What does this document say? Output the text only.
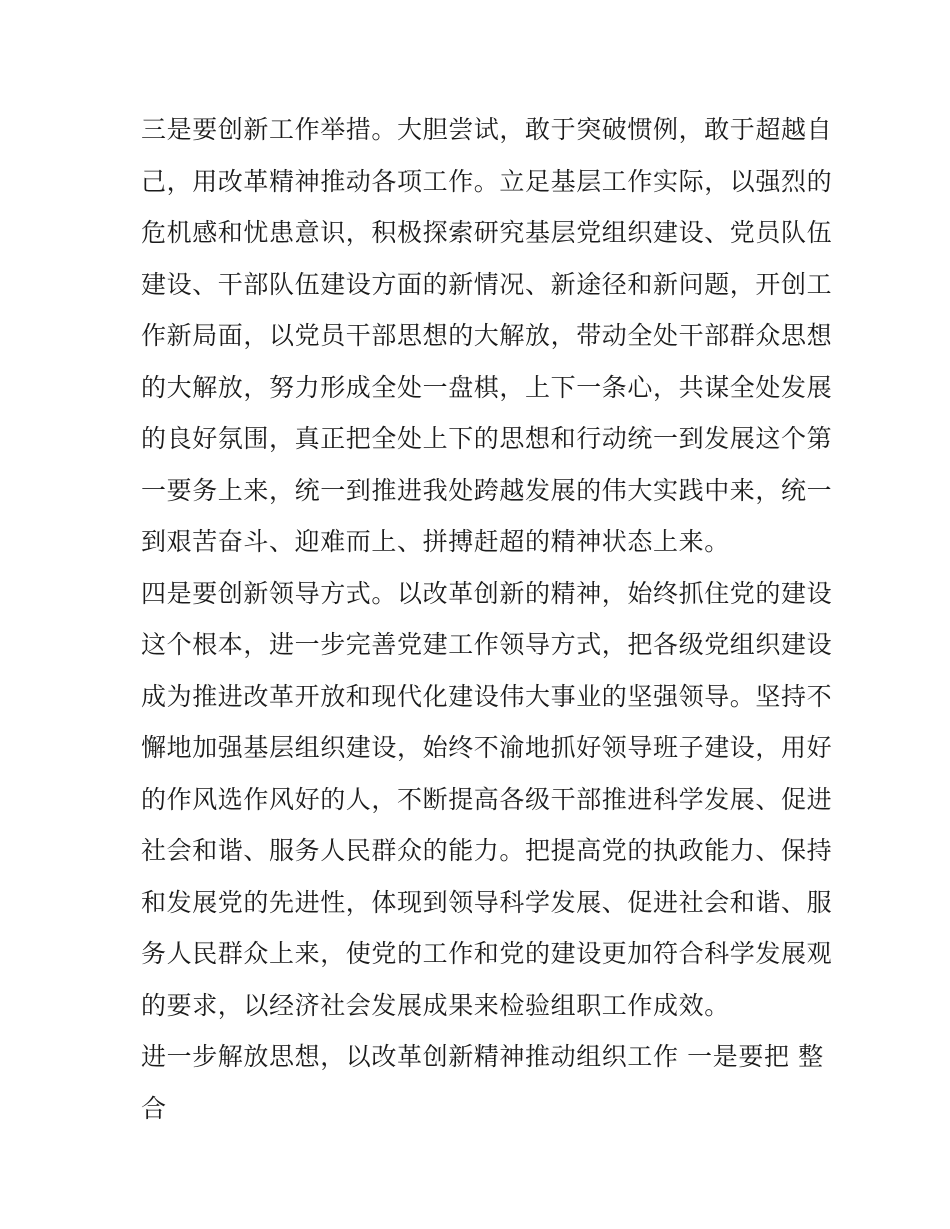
三是要创新工作举措。大胆尝试，敢于突破惯例，敢于超越自
己，用改革精神推动各项工作。立足基层工作实际，以强烈的
危机感和忧患意识，积极探索研究基层党组织建设、党员队伍
建设、干部队伍建设方面的新情况、新途径和新问题，开创工
作新局面，以党员干部思想的大解放，带动全处干部群众思想
的大解放，努力形成全处一盘棋，上下一条心，共谋全处发展
的良好氛围，真正把全处上下的思想和行动统一到发展这个第
一要务上来，统一到推进我处跨越发展的伟大实践中来，统一
到艰苦奋斗、迎难而上、拼搏赶超的精神状态上来。
四是要创新领导方式。以改革创新的精神，始终抓住党的建设
这个根本，进一步完善党建工作领导方式，把各级党组织建设
成为推进改革开放和现代化建设伟大事业的坚强领导。坚持不
懈地加强基层组织建设，始终不渝地抓好领导班子建设，用好
的作风选作风好的人，不断提高各级干部推进科学发展、促进
社会和谐、服务人民群众的能力。把提高党的执政能力、保持
和发展党的先进性，体现到领导科学发展、促进社会和谐、服
务人民群众上来，使党的工作和党的建设更加符合科学发展观
的要求，以经济社会发展成果来检验组职工作成效。
进一步解放思想，以改革创新精神推动组织工作 一是要把 整
合
